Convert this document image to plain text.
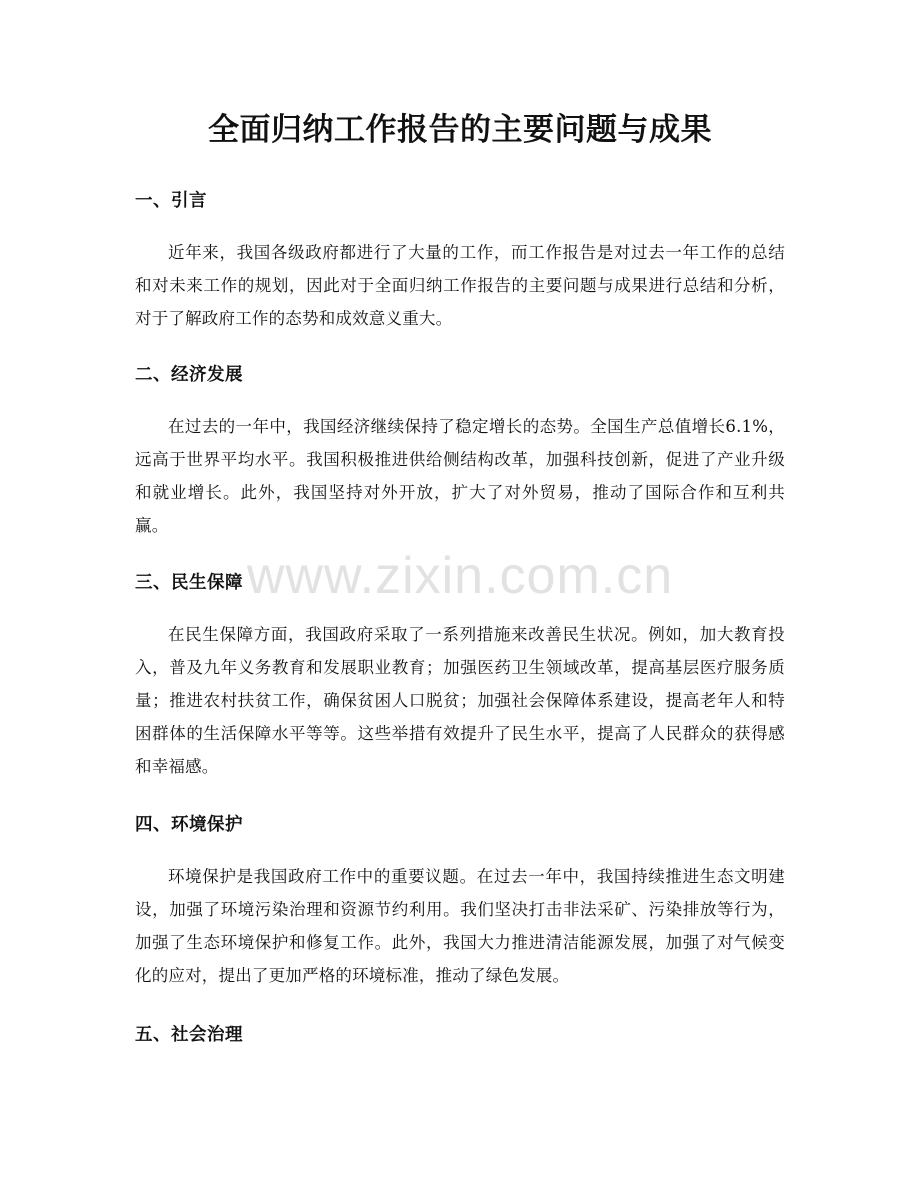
www.zixin.com.cn
全面归纳工作报告的主要问题与成果
一、引言

近年来，我国各级政府都进行了大量的工作，而工作报告是对过去一年工作的总结和对未来工作的规划，因此对于全面归纳工作报告的主要问题与成果进行总结和分析，对于了解政府工作的态势和成效意义重大。

二、经济发展

在过去的一年中，我国经济继续保持了稳定增长的态势。全国生产总值增长6.1%，远高于世界平均水平。我国积极推进供给侧结构改革，加强科技创新，促进了产业升级和就业增长。此外，我国坚持对外开放，扩大了对外贸易，推动了国际合作和互利共赢。

三、民生保障

在民生保障方面，我国政府采取了一系列措施来改善民生状况。例如，加大教育投入，普及九年义务教育和发展职业教育；加强医药卫生领域改革，提高基层医疗服务质量；推进农村扶贫工作，确保贫困人口脱贫；加强社会保障体系建设，提高老年人和特困群体的生活保障水平等等。这些举措有效提升了民生水平，提高了人民群众的获得感和幸福感。

四、环境保护

环境保护是我国政府工作中的重要议题。在过去一年中，我国持续推进生态文明建设，加强了环境污染治理和资源节约利用。我们坚决打击非法采矿、污染排放等行为，加强了生态环境保护和修复工作。此外，我国大力推进清洁能源发展，加强了对气候变化的应对，提出了更加严格的环境标准，推动了绿色发展。

五、社会治理
